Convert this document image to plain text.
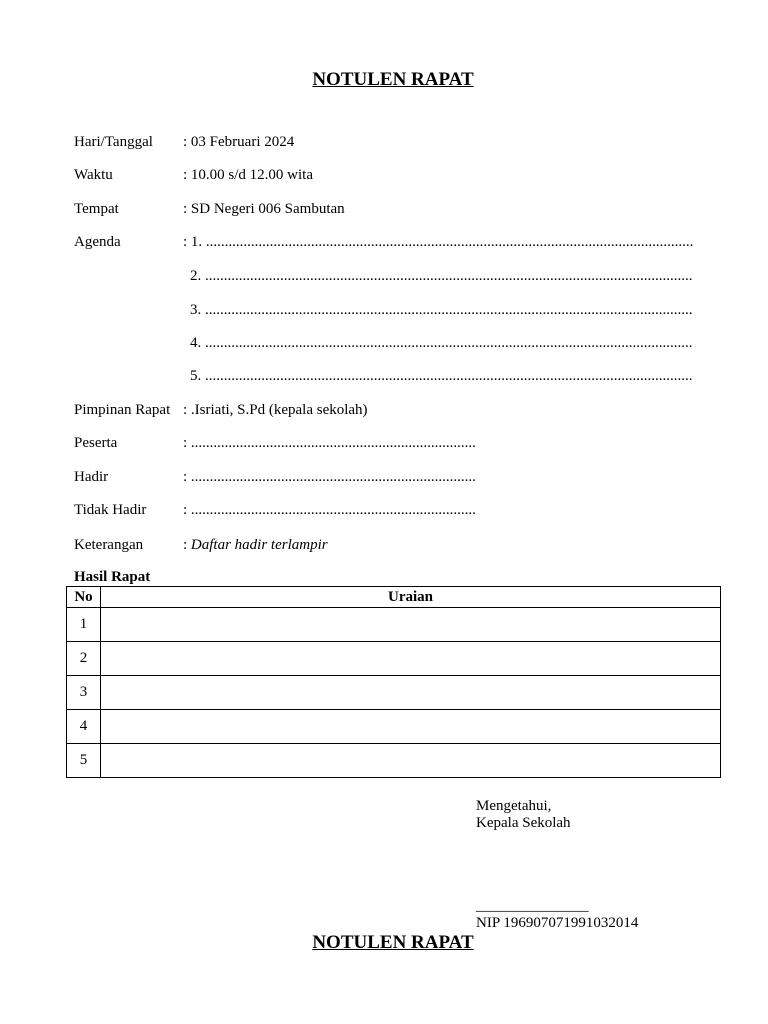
NOTULEN RAPAT
Hari/Tanggal : 03 Februari 2024
Waktu	: 10.00 s/d 12.00 wita
Tempat	: SD Negeri 006 Sambutan
Agenda	: 1. ..................................................................................................................................
2. ..................................................................................................................................
3. ..................................................................................................................................
4. ..................................................................................................................................
5. ..................................................................................................................................
Pimpinan Rapat : .Isriati, S.Pd (kepala sekolah)
Peserta	: ............................................................................
Hadir	: ............................................................................
Tidak Hadir : ............................................................................
Keterangan	: Daftar hadir terlampir
Hasil Rapat
No	Uraian
1	
2	
3	
4	
5	
Mengetahui,
Kepala Sekolah
_______________
NIP 196907071991032014
NOTULEN RAPAT
